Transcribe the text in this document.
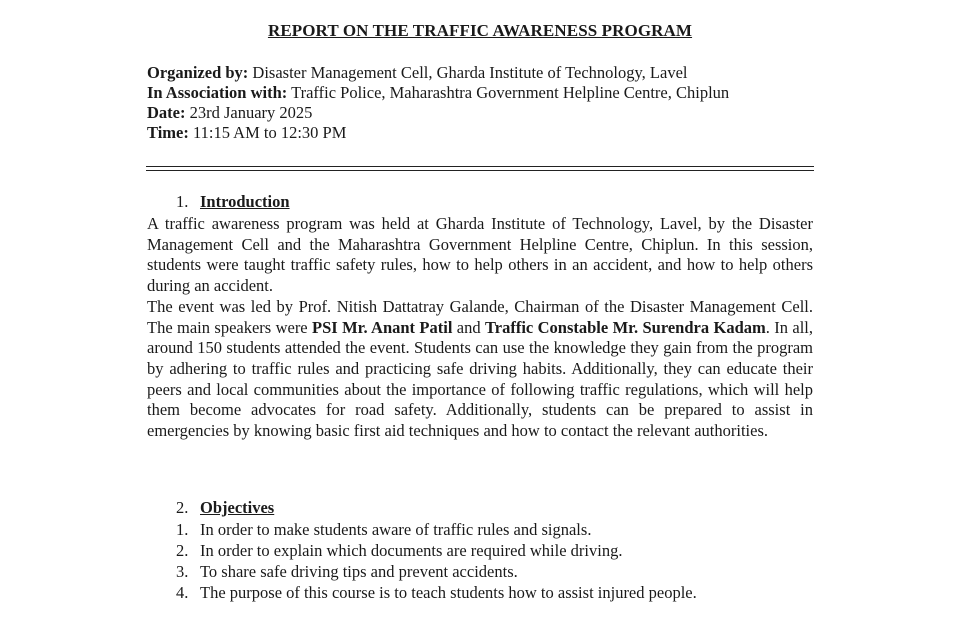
REPORT ON THE TRAFFIC AWARENESS PROGRAM
Organized by: Disaster Management Cell, Gharda Institute of Technology, Lavel
In Association with: Traffic Police, Maharashtra Government Helpline Centre, Chiplun
Date: 23rd January 2025
Time: 11:15 AM to 12:30 PM
1. Introduction

A traffic awareness program was held at Gharda Institute of Technology, Lavel, by the Disaster Management Cell and the Maharashtra Government Helpline Centre, Chiplun. In this session, students were taught traffic safety rules, how to help others in an accident, and how to help others during an accident.

The event was led by Prof. Nitish Dattatray Galande, Chairman of the Disaster Management Cell. The main speakers were PSI Mr. Anant Patil and Traffic Constable Mr. Surendra Kadam. In all, around 150 students attended the event. Students can use the knowledge they gain from the program by adhering to traffic rules and practicing safe driving habits. Additionally, they can educate their peers and local communities about the importance of following traffic regulations, which will help them become advocates for road safety. Additionally, students can be prepared to assist in emergencies by knowing basic first aid techniques and how to contact the relevant authorities.

2. Objectives
1. In order to make students aware of traffic rules and signals.
2. In order to explain which documents are required while driving.
3. To share safe driving tips and prevent accidents.
4. The purpose of this course is to teach students how to assist injured people.
